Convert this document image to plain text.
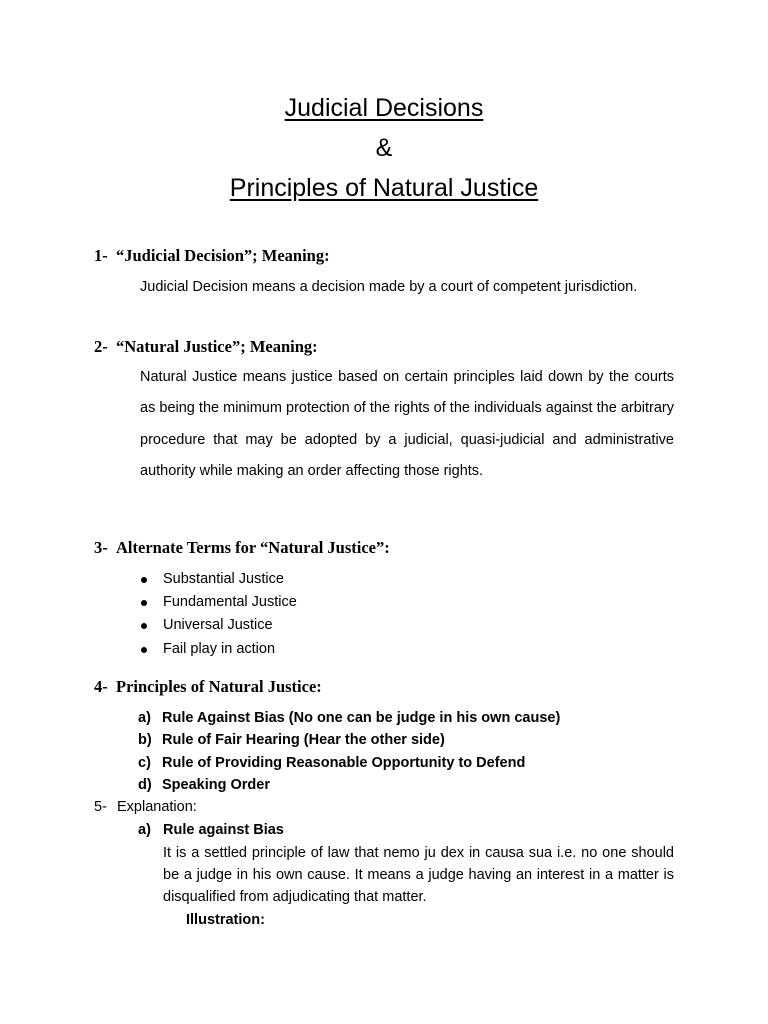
Judicial Decisions
&
Principles of Natural Justice
1- “Judicial Decision”; Meaning:
Judicial Decision means a decision made by a court of competent jurisdiction.
2- “Natural Justice”; Meaning:
Natural Justice means justice based on certain principles laid down by the courts as being the minimum protection of the rights of the individuals against the arbitrary procedure that may be adopted by a judicial, quasi-judicial and administrative authority while making an order affecting those rights.
3- Alternate Terms for “Natural Justice”:
Substantial Justice
Fundamental Justice
Universal Justice
Fail play in action
4- Principles of Natural Justice:
a) Rule Against Bias (No one can be judge in his own cause)
b) Rule of Fair Hearing (Hear the other side)
c) Rule of Providing Reasonable Opportunity to Defend
d) Speaking Order
5- Explanation:
a) Rule against Bias
It is a settled principle of law that nemo ju dex in causa sua i.e. no one should be a judge in his own cause. It means a judge having an interest in a matter is disqualified from adjudicating that matter.
Illustration:
